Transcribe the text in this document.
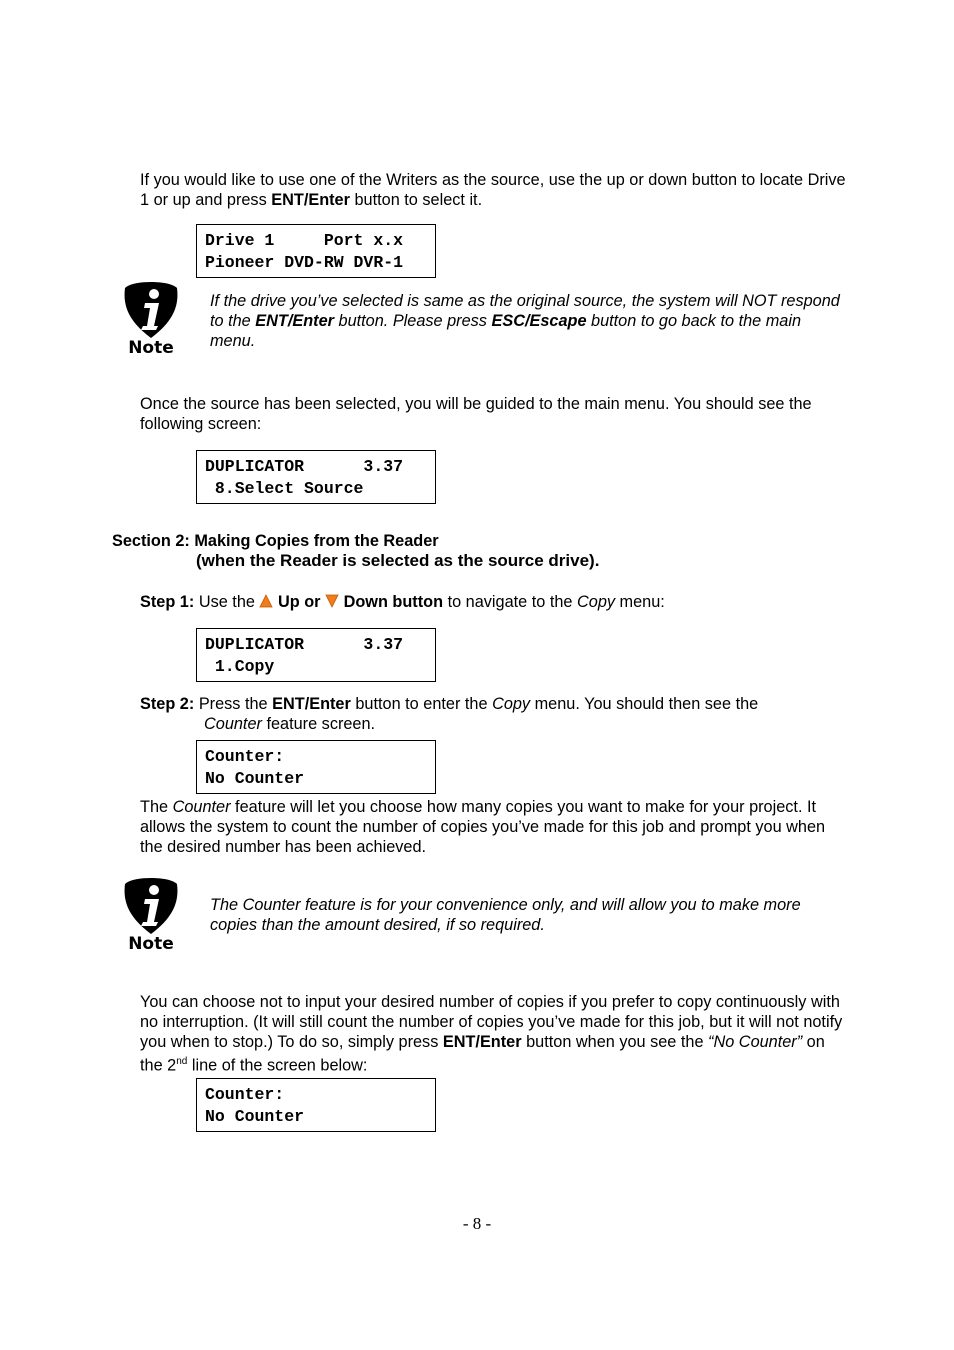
If you would like to use one of the Writers as the source, use the up or down button to locate Drive 1 or up and press ENT/Enter button to select it.

Drive 1     Port x.x
Pioneer DVD-RW DVR-1
Note

If the drive you’ve selected is same as the original source, the system will NOT respond to the ENT/Enter button. Please press ESC/Escape button to go back to the main menu.

Once the source has been selected, you will be guided to the main menu. You should see the following screen:

DUPLICATOR      3.37
8.Select Source
Section 2: Making Copies from the Reader
(when the Reader is selected as the source drive).

Step 1: Use the  Up or Down button to navigate to the Copy menu:

DUPLICATOR      3.37
1.Copy

Step 2: Press the ENT/Enter button to enter the Copy menu. You should then see the

Counter feature screen.

Counter:
No Counter

The Counter feature will let you choose how many copies you want to make for your project. It allows the system to count the number of copies you’ve made for this job and prompt you when the desired number has been achieved.

Note

The Counter feature is for your convenience only, and will allow you to make more copies than the amount desired, if so required.

You can choose not to input your desired number of copies if you prefer to copy continuously with no interruption. (It will still count the number of copies you’ve made for this job, but it will not notify you when to stop.) To do so, simply press ENT/Enter button when you see the “No Counter” on the 2nd line of the screen below:

Counter:
No Counter
- 8 -
